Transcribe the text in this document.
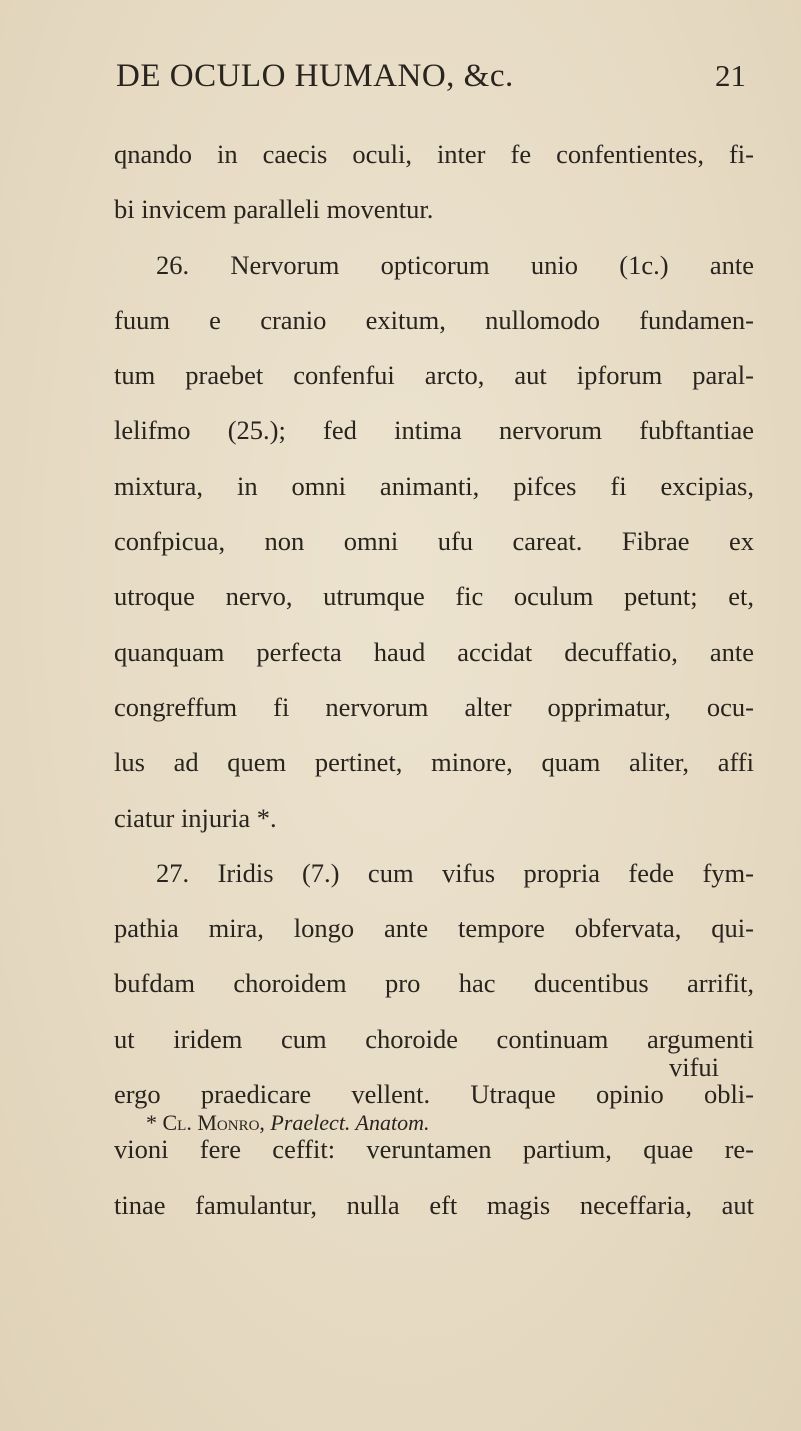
DE OCULO HUMANO, &c.	21
qnando in caecis oculi, inter fe confentientes, fi-
bi invicem paralleli moventur.
26. Nervorum opticorum unio (1c.) ante
fuum e cranio exitum, nullomodo fundamen-
tum praebet confenfui arcto, aut ipforum paral-
lelifmo (25.); fed intima nervorum fubftantiae
mixtura, in omni animanti, pifces fi excipias,
confpicua, non omni ufu careat. Fibrae ex
utroque nervo, utrumque fic oculum petunt; et,
quanquam perfecta haud accidat decuffatio, ante
congreffum fi nervorum alter opprimatur, ocu-
lus ad quem pertinet, minore, quam aliter, affi
ciatur injuria *.
27. Iridis (7.) cum vifus propria fede fym-
pathia mira, longo ante tempore obfervata, qui-
bufdam choroidem pro hac ducentibus arrifit,
ut iridem cum choroide continuam argumenti
ergo praedicare vellent. Utraque opinio obli-
vioni fere ceffit: veruntamen partium, quae re-
tinae famulantur, nulla eft magis neceffaria, aut
vifui
* Cl. Monro, Praelect. Anatom.
